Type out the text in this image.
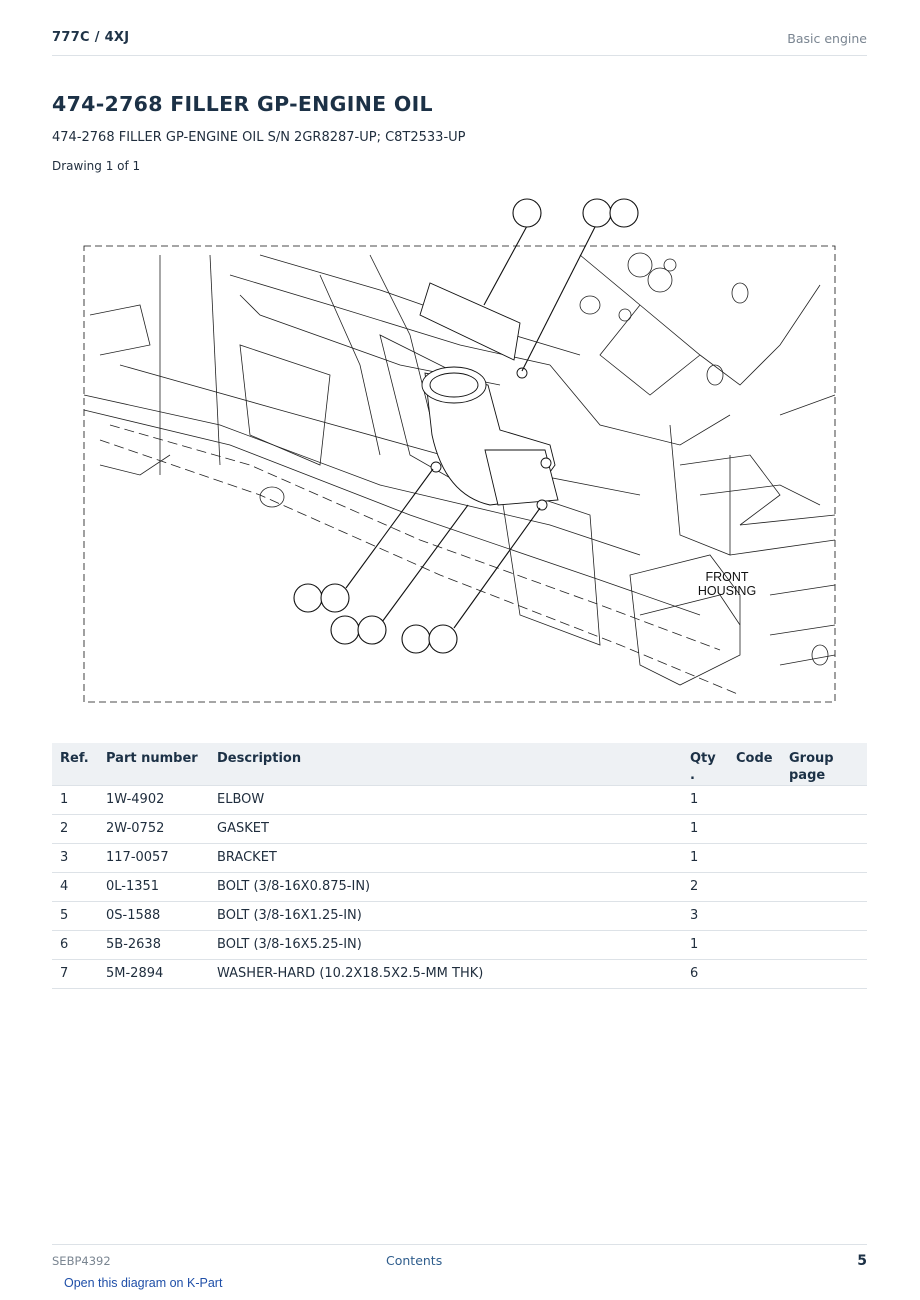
777C / 4XJ	Basic engine
474-2768 FILLER GP-ENGINE OIL
474-2768 FILLER GP-ENGINE OIL S/N 2GR8287-UP; C8T2533-UP
Drawing 1 of 1
FRONT
HOUSING
Ref.	Part number	Description	Qty .	Code	Group page
1	1W-4902	ELBOW	1		
2	2W-0752	GASKET	1		
3	117-0057	BRACKET	1		
4	0L-1351	BOLT (3/8-16X0.875-IN)	2		
5	0S-1588	BOLT (3/8-16X1.25-IN)	3		
6	5B-2638	BOLT (3/8-16X5.25-IN)	1		
7	5M-2894	WASHER-HARD (10.2X18.5X2.5-MM THK)	6		
SEBP4392	Contents	5
Open this diagram on K-Part
